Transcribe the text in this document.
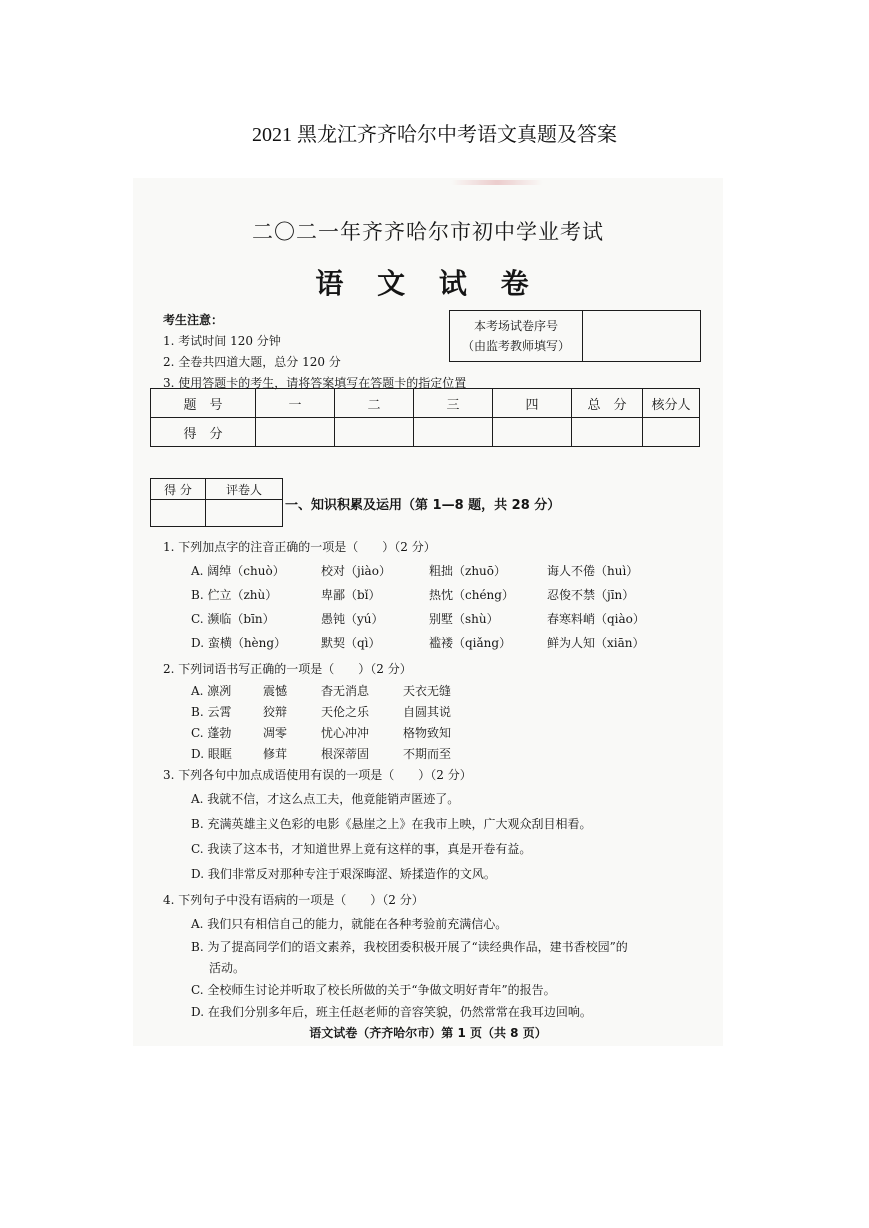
2021 黑龙江齐齐哈尔中考语文真题及答案
二〇二一年齐齐哈尔市初中学业考试
语 文 试 卷
考生注意：
1. 考试时间 120 分钟
2. 全卷共四道大题，总分 120 分
3. 使用答题卡的考生，请将答案填写在答题卡的指定位置
本考场试卷序号
（由监考教师填写）
题　号	一	二	三	四	总　分	核分人
得　分						
得 分	评卷人

一、知识积累及运用（第 1—8 题，共 28 分）
1. 下列加点字的注音正确的一项是（　　）（2 分）
A. 阔绰（chuò）	校对（jiào）	粗拙（zhuō）	诲人不倦（huì）
B. 伫立（zhù）	卑鄙（bǐ）	热忱（chéng）	忍俊不禁（jīn）
C. 濒临（bīn）	愚钝（yú）	别墅（shù）	春寒料峭（qiào）
D. 蛮横（hèng）	默契（qì）	褴褛（qiǎng）	鲜为人知（xiān）
2. 下列词语书写正确的一项是（　　）（2 分）
A. 凛冽	震憾	杳无消息	天衣无缝
B. 云霄	狡辩	天伦之乐	自圆其说
C. 蓬勃	凋零	忧心冲冲	格物致知
D. 眼眶	修茸	根深蒂固	不期而至
3. 下列各句中加点成语使用有误的一项是（　　）（2 分）
A. 我就不信，才这么点工夫，他竟能销声匿迹了。
B. 充满英雄主义色彩的电影《悬崖之上》在我市上映，广大观众刮目相看。
C. 我读了这本书，才知道世界上竟有这样的事，真是开卷有益。
D. 我们非常反对那种专注于艰深晦涩、矫揉造作的文风。
4. 下列句子中没有语病的一项是（　　）（2 分）
A. 我们只有相信自己的能力，就能在各种考验前充满信心。
B. 为了提高同学们的语文素养，我校团委积极开展了“读经典作品，建书香校园”的
活动。
C. 全校师生讨论并听取了校长所做的关于“争做文明好青年”的报告。
D. 在我们分别多年后，班主任赵老师的音容笑貌，仍然常常在我耳边回响。
语文试卷（齐齐哈尔市）第 1 页（共 8 页）
